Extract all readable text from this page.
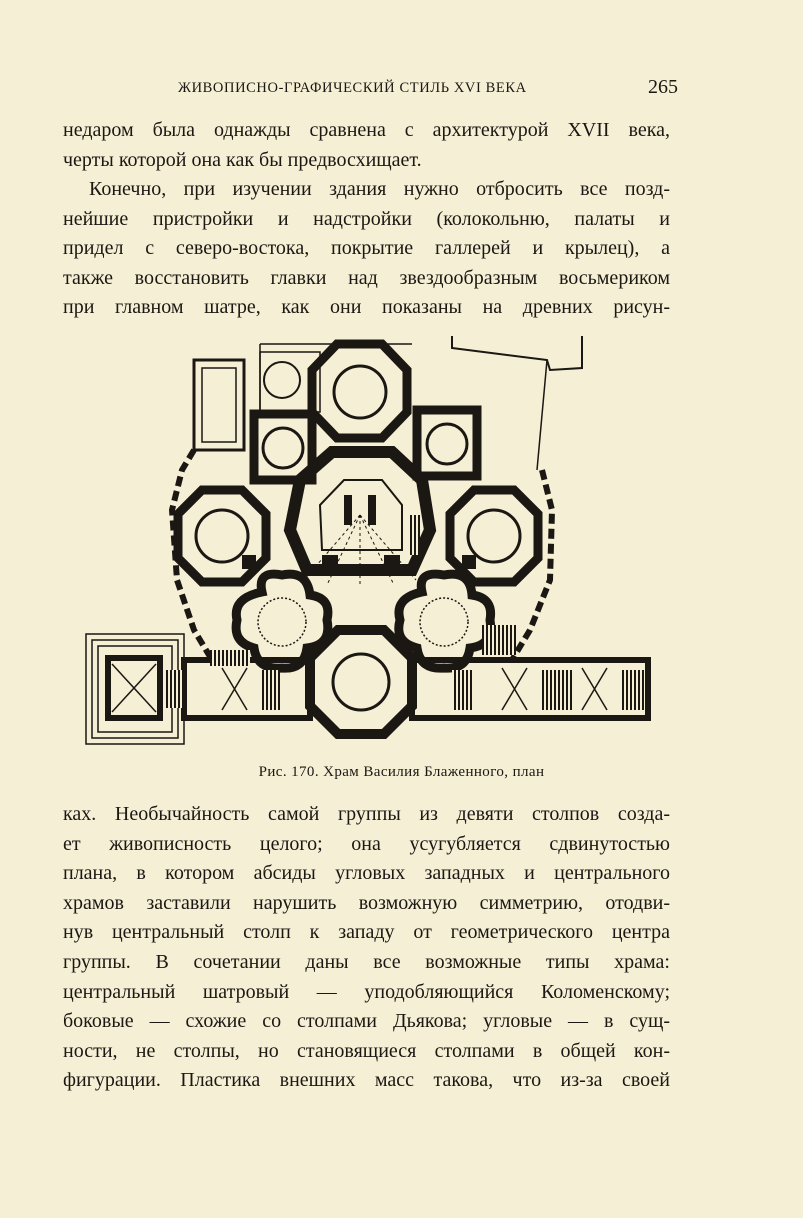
ЖИВОПИСНО-ГРАФИЧЕСКИЙ СТИЛЬ XVI ВЕКА	265

недаром была однажды сравнена с архитектурой XVII века,
черты которой она как бы предвосхищает.

Конечно, при изучении здания нужно отбросить все позд-
нейшие пристройки и надстройки (колокольню, палаты и
придел с северо-востока, покрытие галлерей и крылец), а
также восстановить главки над звездообразным восьмериком
при главном шатре, как они показаны на древних рисун-

Рис. 170. Храм Василия Блаженного, план

ках. Необычайность самой группы из девяти столпов созда-
ет живописность целого; она усугубляется сдвинутостью
плана, в котором абсиды угловых западных и центрального
храмов заставили нарушить возможную симметрию, отодви-
нув центральный столп к западу от геометрического центра
группы. В сочетании даны все возможные типы храма:
центральный шатровый — уподобляющийся Коломенскому;
боковые — схожие со столпами Дьякова; угловые — в сущ-
ности, не столпы, но становящиеся столпами в общей кон-
фигурации. Пластика внешних масс такова, что из-за своей
